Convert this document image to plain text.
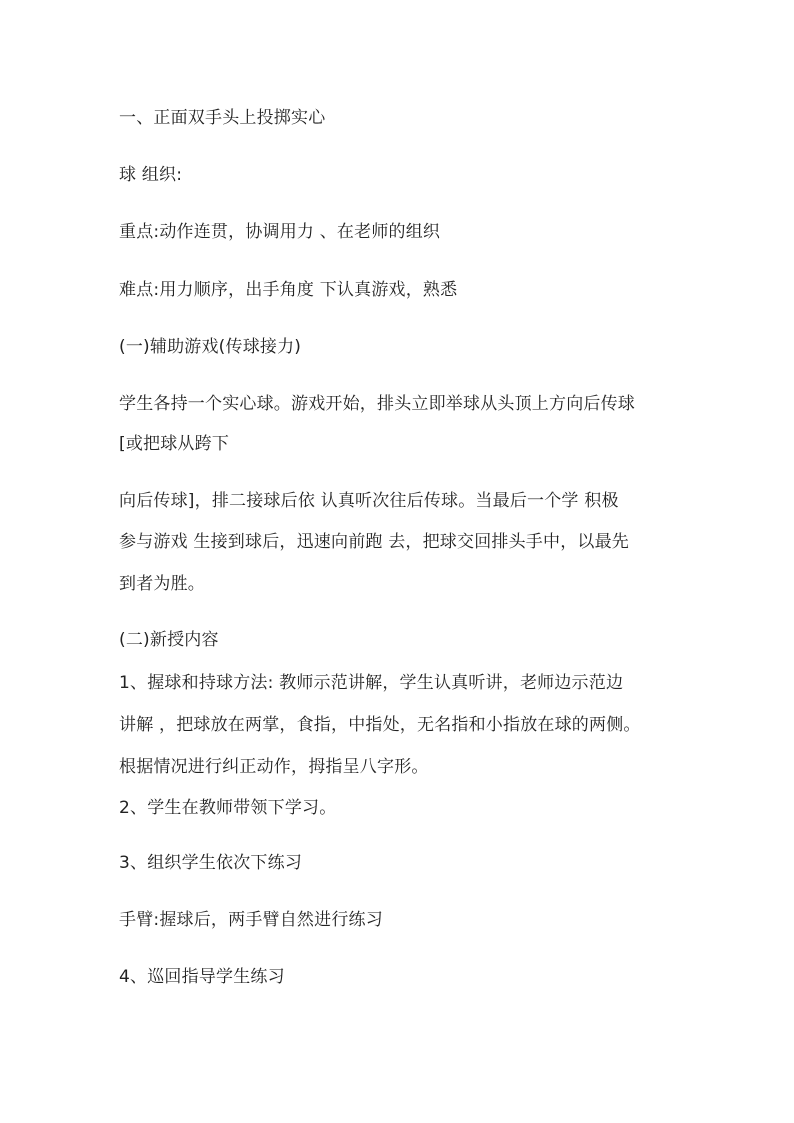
一、正面双手头上投掷实心
球 组织:
重点:动作连贯，协调用力 、在老师的组织
难点:用力顺序，出手角度 下认真游戏，熟悉
(一)辅助游戏(传球接力)
学生各持一个实心球。游戏开始，排头立即举球从头顶上方向后传球
[或把球从跨下
向后传球]，排二接球后依 认真听次往后传球。当最后一个学 积极
参与游戏 生接到球后，迅速向前跑 去，把球交回排头手中，以最先
到者为胜。
(二)新授内容
1、握球和持球方法: 教师示范讲解，学生认真听讲，老师边示范边
讲解 ，把球放在两掌，食指，中指处，无名指和小指放在球的两侧。
根据情况进行纠正动作，拇指呈八字形。
2、学生在教师带领下学习。
3、组织学生依次下练习
手臂:握球后，两手臂自然进行练习
4、巡回指导学生练习
